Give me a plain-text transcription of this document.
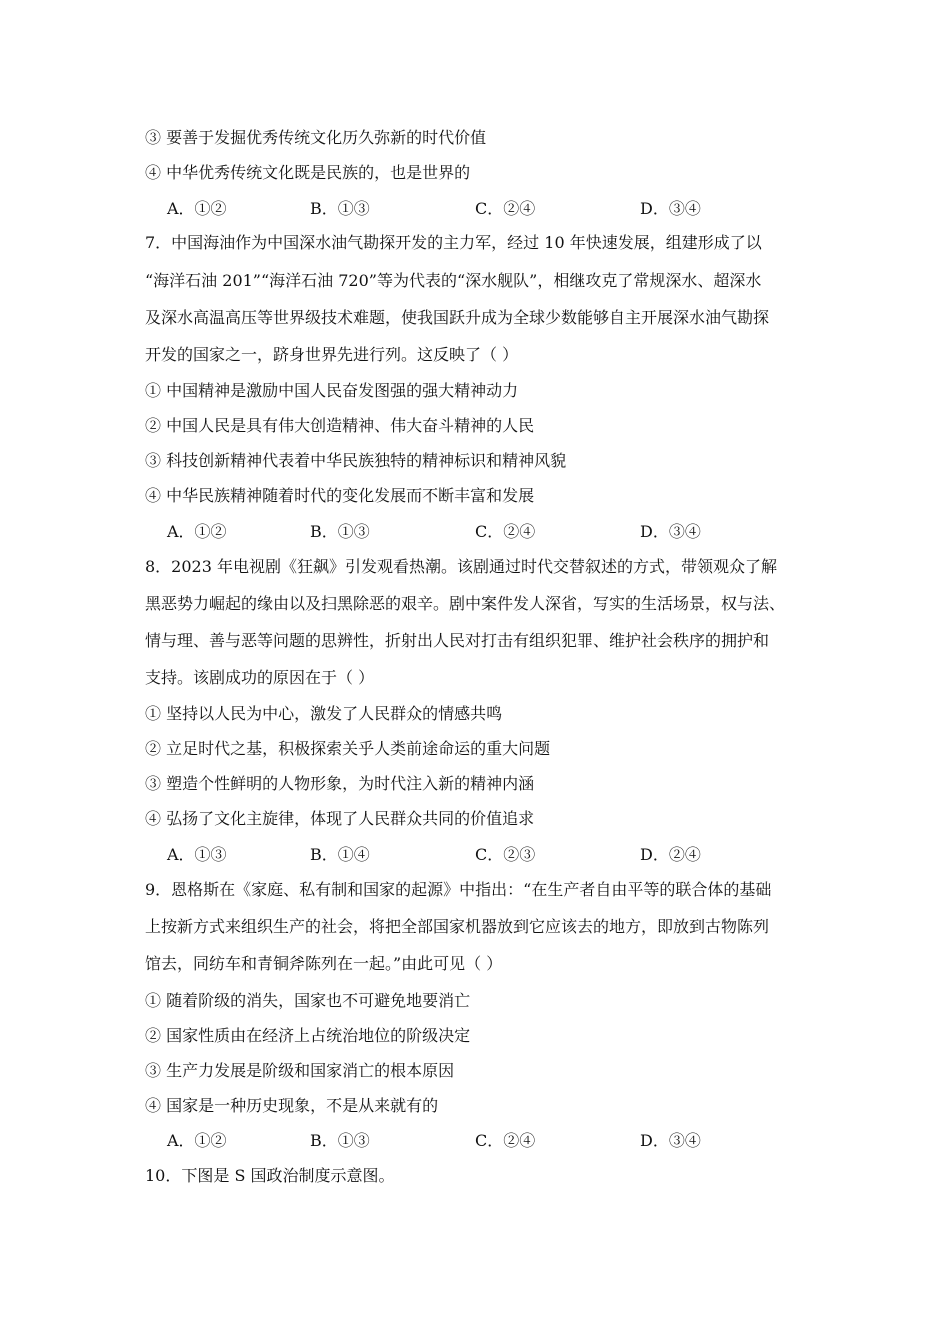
③ 要善于发掘优秀传统文化历久弥新的时代价值
④ 中华优秀传统文化既是民族的，也是世界的
A．①②	B．①③	C．②④	D．③④
7．中国海油作为中国深水油气勘探开发的主力军，经过 10 年快速发展，组建形成了以
“海洋石油 201”“海洋石油 720”等为代表的“深水舰队”，相继攻克了常规深水、超深水
及深水高温高压等世界级技术难题，使我国跃升成为全球少数能够自主开展深水油气勘探
开发的国家之一，跻身世界先进行列。这反映了（ ）
① 中国精神是激励中国人民奋发图强的强大精神动力
② 中国人民是具有伟大创造精神、伟大奋斗精神的人民
③ 科技创新精神代表着中华民族独特的精神标识和精神风貌
④ 中华民族精神随着时代的变化发展而不断丰富和发展
A．①②	B．①③	C．②④	D．③④
8．2023 年电视剧《狂飙》引发观看热潮。该剧通过时代交替叙述的方式，带领观众了解
黑恶势力崛起的缘由以及扫黑除恶的艰辛。剧中案件发人深省，写实的生活场景，权与法、
情与理、善与恶等问题的思辨性，折射出人民对打击有组织犯罪、维护社会秩序的拥护和
支持。该剧成功的原因在于（ ）
① 坚持以人民为中心，激发了人民群众的情感共鸣
② 立足时代之基，积极探索关乎人类前途命运的重大问题
③ 塑造个性鲜明的人物形象，为时代注入新的精神内涵
④ 弘扬了文化主旋律，体现了人民群众共同的价值追求
A．①③	B．①④	C．②③	D．②④
9．恩格斯在《家庭、私有制和国家的起源》中指出：“在生产者自由平等的联合体的基础
上按新方式来组织生产的社会，将把全部国家机器放到它应该去的地方，即放到古物陈列
馆去，同纺车和青铜斧陈列在一起。”由此可见（ ）
① 随着阶级的消失，国家也不可避免地要消亡
② 国家性质由在经济上占统治地位的阶级决定
③ 生产力发展是阶级和国家消亡的根本原因
④ 国家是一种历史现象，不是从来就有的
A．①②	B．①③	C．②④	D．③④
10．下图是 S 国政治制度示意图。
